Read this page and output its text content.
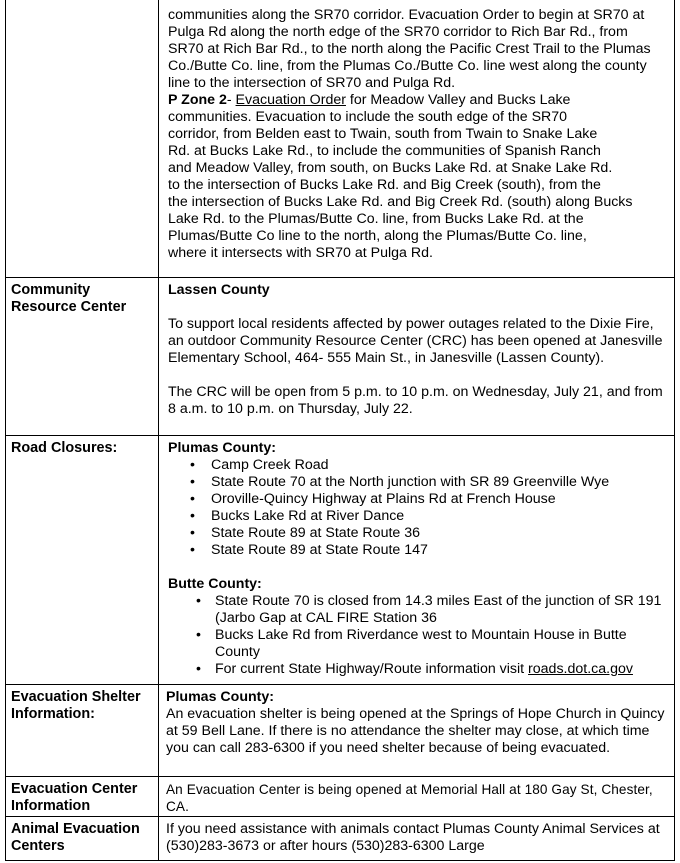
communities along the SR70 corridor. Evacuation Order to begin at SR70 at

Pulga Rd along the north edge of the SR70 corridor to Rich Bar Rd., from

SR70 at Rich Bar Rd., to the north along the Pacific Crest Trail to the Plumas

Co./Butte Co. line, from the Plumas Co./Butte Co. line west along the county

line to the intersection of SR70 and Pulga Rd.

P Zone 2- Evacuation Order for Meadow Valley and Bucks Lake

communities. Evacuation to include the south edge of the SR70

corridor, from Belden east to Twain, south from Twain to Snake Lake

Rd. at Bucks Lake Rd., to include the communities of Spanish Ranch

and Meadow Valley, from south, on Bucks Lake Rd. at Snake Lake Rd.

to the intersection of Bucks Lake Rd. and Big Creek (south), from the

the intersection of Bucks Lake Rd. and Big Creek Rd. (south) along Bucks

Lake Rd. to the Plumas/Butte Co. line, from Bucks Lake Rd. at the

Plumas/Butte Co line to the north, along the Plumas/Butte Co. line,

where it intersects with SR70 at Pulga Rd.

Community Resource Center

Lassen County

To support local residents affected by power outages related to the Dixie Fire, an outdoor Community Resource Center (CRC) has been opened at Janesville Elementary School, 464- 555 Main St., in Janesville (Lassen County).

The CRC will be open from 5 p.m. to 10 p.m. on Wednesday, July 21, and from 8 a.m. to 10 p.m. on Thursday, July 22.

Road Closures:	Plumas County:

• Camp Creek Road
• State Route 70 at the North junction with SR 89 Greenville Wye
• Oroville-Quincy Highway at Plains Rd at French House
• Bucks Lake Rd at River Dance
• State Route 89 at State Route 36
• State Route 89 at State Route 147

Butte County:

• State Route 70 is closed from 14.3 miles East of the junction of SR 191 (Jarbo Gap at CAL FIRE Station 36
• Bucks Lake Rd from Riverdance west to Mountain House in Butte County
• For current State Highway/Route information visit roads.dot.ca.gov
Evacuation Shelter Information:

Plumas County:

An evacuation shelter is being opened at the Springs of Hope Church in Quincy at 59 Bell Lane. If there is no attendance the shelter may close, at which time you can call 283-6300 if you need shelter because of being evacuated.

Evacuation Center Information

An Evacuation Center is being opened at Memorial Hall at 180 Gay St, Chester, CA.

Animal Evacuation Centers

If you need assistance with animals contact Plumas County Animal Services at (530)283-3673 or after hours (530)283-6300 Large
